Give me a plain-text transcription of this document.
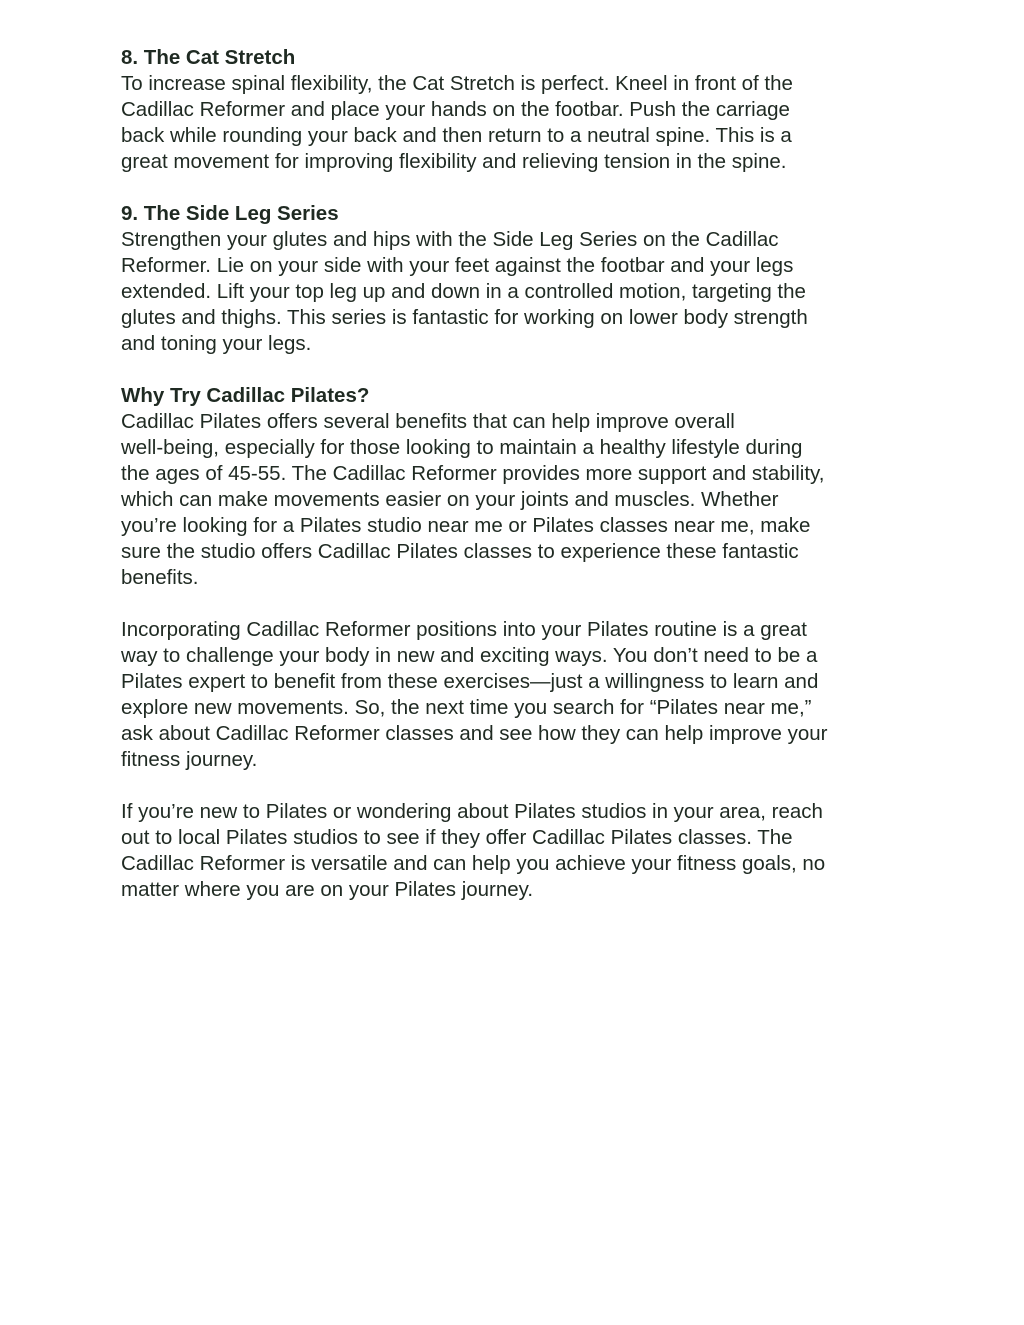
8. The Cat Stretch
To increase spinal flexibility, the Cat Stretch is perfect. Kneel in front of the
Cadillac Reformer and place your hands on the footbar. Push the carriage
back while rounding your back and then return to a neutral spine. This is a
great movement for improving flexibility and relieving tension in the spine.
9. The Side Leg Series
Strengthen your glutes and hips with the Side Leg Series on the Cadillac
Reformer. Lie on your side with your feet against the footbar and your legs
extended. Lift your top leg up and down in a controlled motion, targeting the
glutes and thighs. This series is fantastic for working on lower body strength
and toning your legs.
Why Try Cadillac Pilates?
Cadillac Pilates offers several benefits that can help improve overall
well-being, especially for those looking to maintain a healthy lifestyle during
the ages of 45-55. The Cadillac Reformer provides more support and stability,
which can make movements easier on your joints and muscles. Whether
you’re looking for a Pilates studio near me or Pilates classes near me, make
sure the studio offers Cadillac Pilates classes to experience these fantastic
benefits.
Incorporating Cadillac Reformer positions into your Pilates routine is a great
way to challenge your body in new and exciting ways. You don’t need to be a
Pilates expert to benefit from these exercises—just a willingness to learn and
explore new movements. So, the next time you search for “Pilates near me,”
ask about Cadillac Reformer classes and see how they can help improve your
fitness journey.
If you’re new to Pilates or wondering about Pilates studios in your area, reach
out to local Pilates studios to see if they offer Cadillac Pilates classes. The
Cadillac Reformer is versatile and can help you achieve your fitness goals, no
matter where you are on your Pilates journey.
